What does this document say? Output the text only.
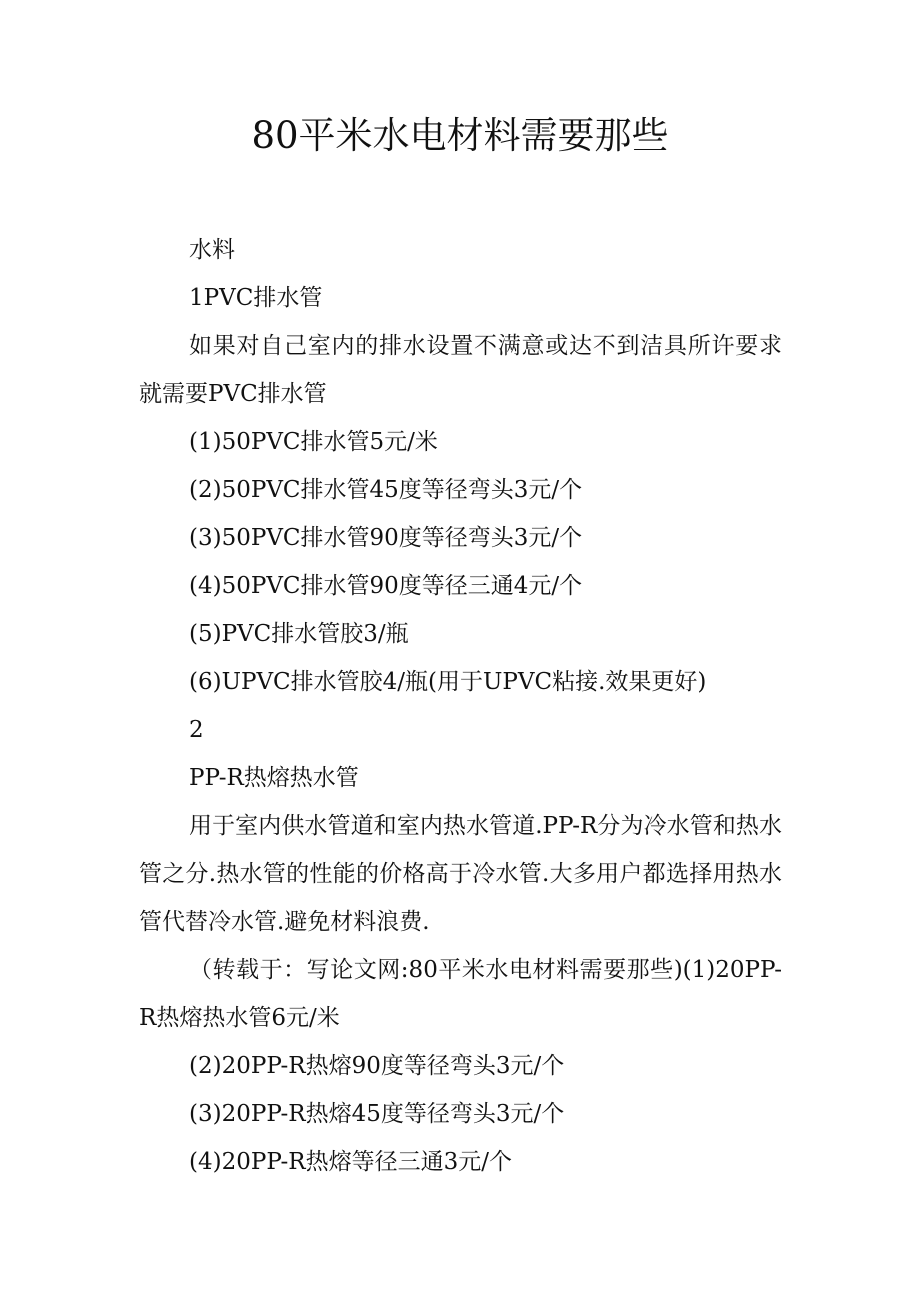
80平米水电材料需要那些

水料

1PVC排水管

如果对自己室内的排水设置不满意或达不到洁具所许要求就需要PVC排水管

(1)50PVC排水管5元/米

(2)50PVC排水管45度等径弯头3元/个

(3)50PVC排水管90度等径弯头3元/个

(4)50PVC排水管90度等径三通4元/个

(5)PVC排水管胶3/瓶

(6)UPVC排水管胶4/瓶(用于UPVC粘接.效果更好)

2

PP-R热熔热水管

用于室内供水管道和室内热水管道.PP-R分为冷水管和热水管之分.热水管的性能的价格高于冷水管.大多用户都选择用热水管代替冷水管.避免材料浪费.

（转载于：写论文网:80平米水电材料需要那些)(1)20PP-R热熔热水管6元/米

(2)20PP-R热熔90度等径弯头3元/个

(3)20PP-R热熔45度等径弯头3元/个

(4)20PP-R热熔等径三通3元/个
